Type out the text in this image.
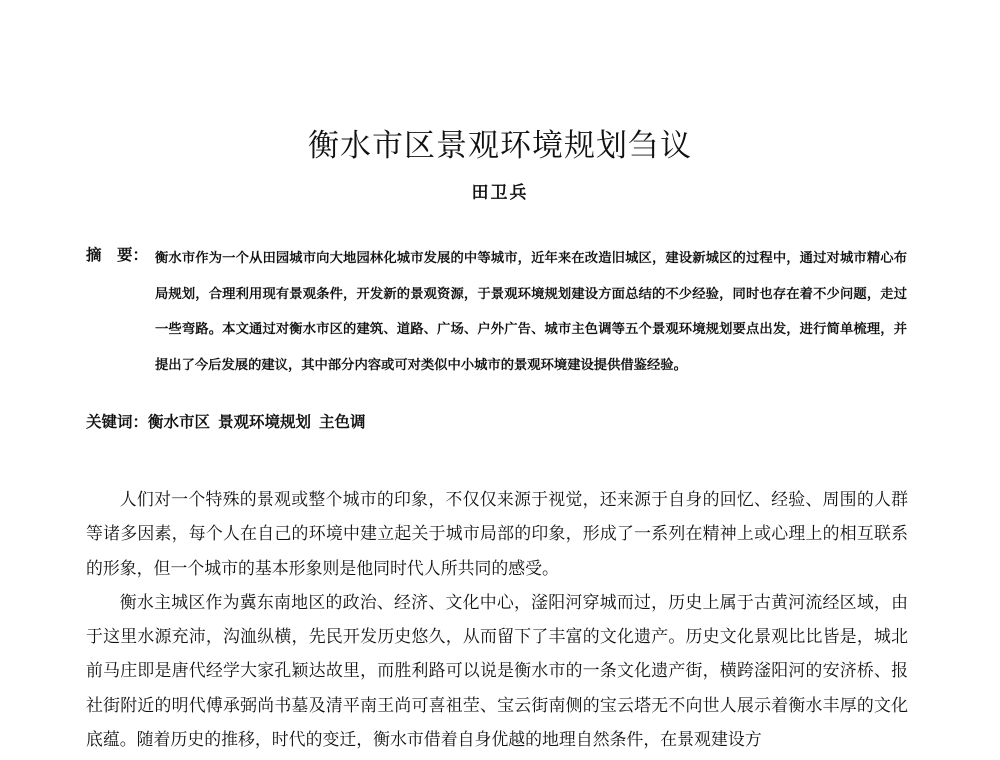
衡水市区景观环境规划刍议
田卫兵
摘　要： 衡水市作为一个从田园城市向大地园林化城市发展的中等城市，近年来在改造旧城区，建设新城区的过程中，通过对城市精心布局规划，合理利用现有景观条件，开发新的景观资源，于景观环境规划建设方面总结的不少经验，同时也存在着不少问题，走过一些弯路。本文通过对衡水市区的建筑、道路、广场、户外广告、城市主色调等五个景观环境规划要点出发，进行简单梳理，并提出了今后发展的建议，其中部分内容或可对类似中小城市的景观环境建设提供借鉴经验。
关键词：衡水市区 景观环境规划 主色调

人们对一个特殊的景观或整个城市的印象，不仅仅来源于视觉，还来源于自身的回忆、经验、周围的人群等诸多因素，每个人在自己的环境中建立起关于城市局部的印象，形成了一系列在精神上或心理上的相互联系的形象，但一个城市的基本形象则是他同时代人所共同的感受。

衡水主城区作为冀东南地区的政治、经济、文化中心，滏阳河穿城而过，历史上属于古黄河流经区域，由于这里水源充沛，沟洫纵横，先民开发历史悠久，从而留下了丰富的文化遗产。历史文化景观比比皆是，城北前马庄即是唐代经学大家孔颖达故里，而胜利路可以说是衡水市的一条文化遗产街，横跨滏阳河的安济桥、报社街附近的明代傅承弼尚书墓及清平南王尚可喜祖茔、宝云街南侧的宝云塔无不向世人展示着衡水丰厚的文化底蕴。随着历史的推移，时代的变迁，衡水市借着自身优越的地理自然条件，在景观建设方
